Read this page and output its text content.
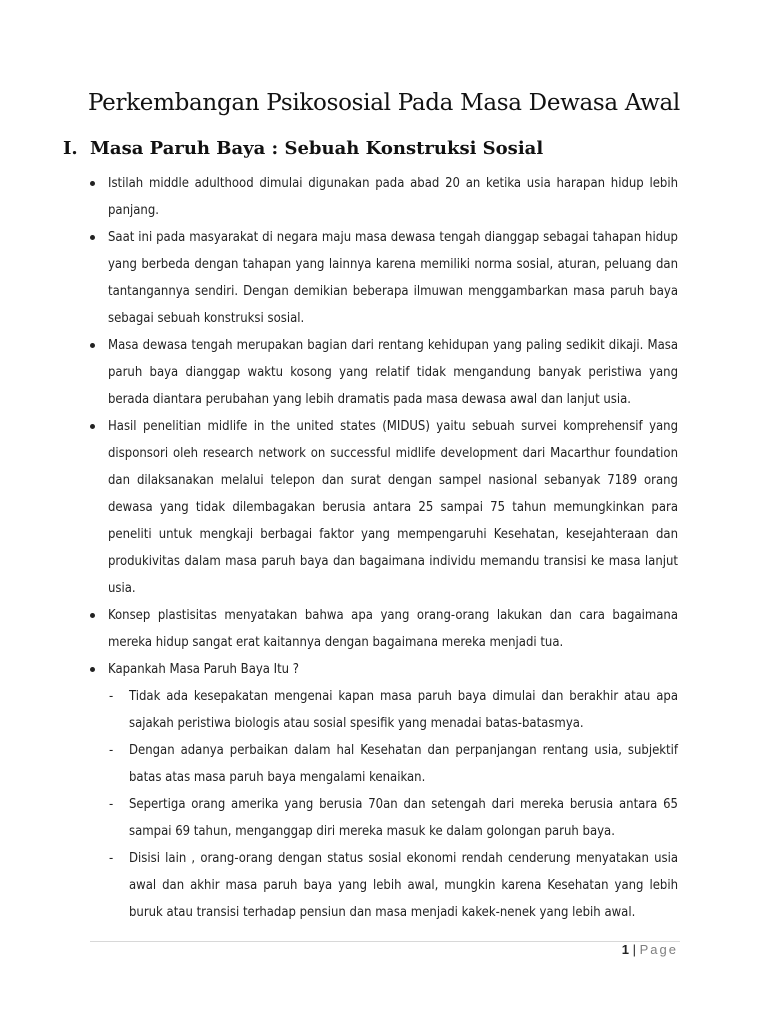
Perkembangan Psikososial Pada Masa Dewasa Awal
I. Masa Paruh Baya : Sebuah Konstruksi Sosial
Istilah middle adulthood dimulai digunakan pada abad 20 an ketika usia harapan hidup lebih panjang.
Saat ini pada masyarakat di negara maju masa dewasa tengah dianggap sebagai tahapan hidup yang berbeda dengan tahapan yang lainnya karena memiliki norma sosial, aturan, peluang dan tantangannya sendiri. Dengan demikian beberapa ilmuwan menggambarkan masa paruh baya sebagai sebuah konstruksi sosial.
Masa dewasa tengah merupakan bagian dari rentang kehidupan yang paling sedikit dikaji. Masa paruh baya dianggap waktu kosong yang relatif tidak mengandung banyak peristiwa yang berada diantara perubahan yang lebih dramatis pada masa dewasa awal dan lanjut usia.
Hasil penelitian midlife in the united states (MIDUS) yaitu sebuah survei komprehensif yang disponsori oleh research network on successful midlife development dari Macarthur foundation dan dilaksanakan melalui telepon dan surat dengan sampel nasional sebanyak 7189 orang dewasa yang tidak dilembagakan berusia antara 25 sampai 75 tahun memungkinkan para peneliti untuk mengkaji berbagai faktor yang mempengaruhi Kesehatan, kesejahteraan dan produkivitas dalam masa paruh baya dan bagaimana individu memandu transisi ke masa lanjut usia.
Konsep plastisitas menyatakan bahwa apa yang orang-orang lakukan dan cara bagaimana mereka hidup sangat erat kaitannya dengan bagaimana mereka menjadi tua.
Kapankah Masa Paruh Baya Itu ?
-	Tidak ada kesepakatan mengenai kapan masa paruh baya dimulai dan berakhir atau apa sajakah peristiwa biologis atau sosial spesifik yang menadai batas-batasmya.
-	Dengan adanya perbaikan dalam hal Kesehatan dan perpanjangan rentang usia, subjektif batas atas masa paruh baya mengalami kenaikan.
-	Sepertiga orang amerika yang berusia 70an dan setengah dari mereka berusia antara 65 sampai 69 tahun, menganggap diri mereka masuk ke dalam golongan paruh baya.
-	Disisi lain , orang-orang dengan status sosial ekonomi rendah cenderung menyatakan usia awal dan akhir masa paruh baya yang lebih awal, mungkin karena Kesehatan yang lebih buruk atau transisi terhadap pensiun dan masa menjadi kakek-nenek yang lebih awal.
1 | Page
